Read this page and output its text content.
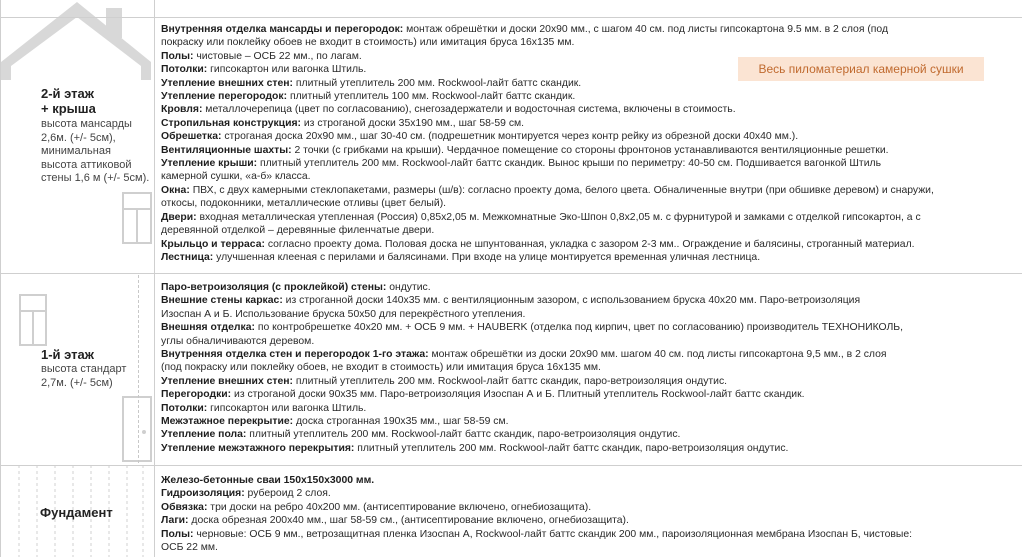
2-й этаж
+ крыша
высота мансарды
2,6м. (+/- 5см),
минимальная
высота аттиковой
стены 1,6 м (+/- 5см).
1-й этаж
высота стандарт
2,7м. (+/- 5см)
Фундамент
Внутренняя отделка мансарды и перегородок: монтаж обрешётки и доски 20х90 мм., с шагом 40 см. под листы гипсокартона 9.5 мм. в 2 слоя (под
покраску или поклейку обоев не входит в стоимость) или имитация бруса 16х135 мм.
Полы: чистовые – ОСБ 22 мм., по лагам.
Потолки: гипсокартон или вагонка Штиль.
Утепление внешних стен: плитный утеплитель 200 мм. Rockwool-лайт баттс скандик.
Утепление перегородок: плитный утеплитель 100 мм. Rockwool-лайт баттс скандик.
Кровля: металлочерепица (цвет по согласованию), снегозадержатели и водосточная система, включены в стоимость.
Стропильная конструкция: из строганой доски 35х190 мм., шаг 58-59 см.
Обрешетка: строганая доска 20х90 мм., шаг 30-40 см. (подрешетник монтируется через контр рейку из обрезной доски 40х40 мм.).
Вентиляционные шахты: 2 точки (с грибками на крыши). Чердачное помещение со стороны фронтонов устанавливаются вентиляционные решетки.
Утепление крыши: плитный утеплитель 200 мм. Rockwool-лайт баттс скандик. Вынос крыши по периметру: 40-50 см. Подшивается вагонкой Штиль
камерной сушки, «а-б» класса.
Окна: ПВХ, с двух камерными стеклопакетами, размеры (ш/в): согласно проекту дома, белого цвета. Обналиченные внутри (при обшивке деревом) и снаружи,
откосы, подоконники, металлические отливы (цвет белый).
Двери: входная металлическая утепленная (Россия) 0,85х2,05 м. Межкомнатные Эко-Шпон 0,8х2,05 м. с фурнитурой и замками с отделкой гипсокартон, а с
деревянной отделкой – деревянные филенчатые двери.
Крыльцо и терраса: согласно проекту дома. Половая доска не шпунтованная, укладка с зазором 2-3 мм.. Ограждение и балясины, строганный материал.
Лестница: улучшенная клееная с перилами и балясинами. При входе на улице монтируется временная уличная лестница.
Весь пиломатериал камерной сушки
Паро-ветроизоляция (с проклейкой) стены: ондутис.
Внешние стены каркас: из строганной доски 140х35 мм. с вентиляционным зазором, с использованием бруска 40х20 мм. Паро-ветроизоляция
Изоспан А и Б. Использование бруска 50х50 для перекрёстного утепления.
Внешняя отделка: по контробрешетке 40х20 мм. + ОСБ 9 мм. + HAUBERK (отделка под кирпич, цвет по согласованию) производитель ТЕХНОНИКОЛЬ,
углы обналичиваются деревом.
Внутренняя отделка стен и перегородок 1-го этажа: монтаж обрешётки из доски 20х90 мм. шагом 40 см. под листы гипсокартона 9,5 мм., в 2 слоя
(под покраску или поклейку обоев, не входит в стоимость) или имитация бруса 16х135 мм.
Утепление внешних стен: плитный утеплитель 200 мм. Rockwool-лайт баттс скандик, паро-ветроизоляция ондутис.
Перегородки: из строганой доски 90х35 мм. Паро-ветроизоляция Изоспан А и Б. Плитный утеплитель Rockwool-лайт баттс скандик.
Потолки: гипсокартон или вагонка Штиль.
Межэтажное перекрытие: доска строганная 190х35 мм., шаг 58-59 см.
Утепление пола: плитный утеплитель 200 мм. Rockwool-лайт баттс скандик, паро-ветроизоляция ондутис.
Утепление межэтажного перекрытия: плитный утеплитель 200 мм. Rockwool-лайт баттс скандик, паро-ветроизоляция ондутис.
Железо-бетонные сваи 150х150х3000 мм.
Гидроизоляция: рубероид 2 слоя.
Обвязка: три доски на ребро 40х200 мм. (антисептирование включено, огнебиозащита).
Лаги: доска обрезная 200х40 мм., шаг 58-59 см., (антисептирование включено, огнебиозащита).
Полы: черновые: ОСБ 9 мм., ветрозащитная пленка Изоспан А, Rockwool-лайт баттс скандик 200 мм., пароизоляционная мембрана Изоспан Б, чистовые:
ОСБ 22 мм.
